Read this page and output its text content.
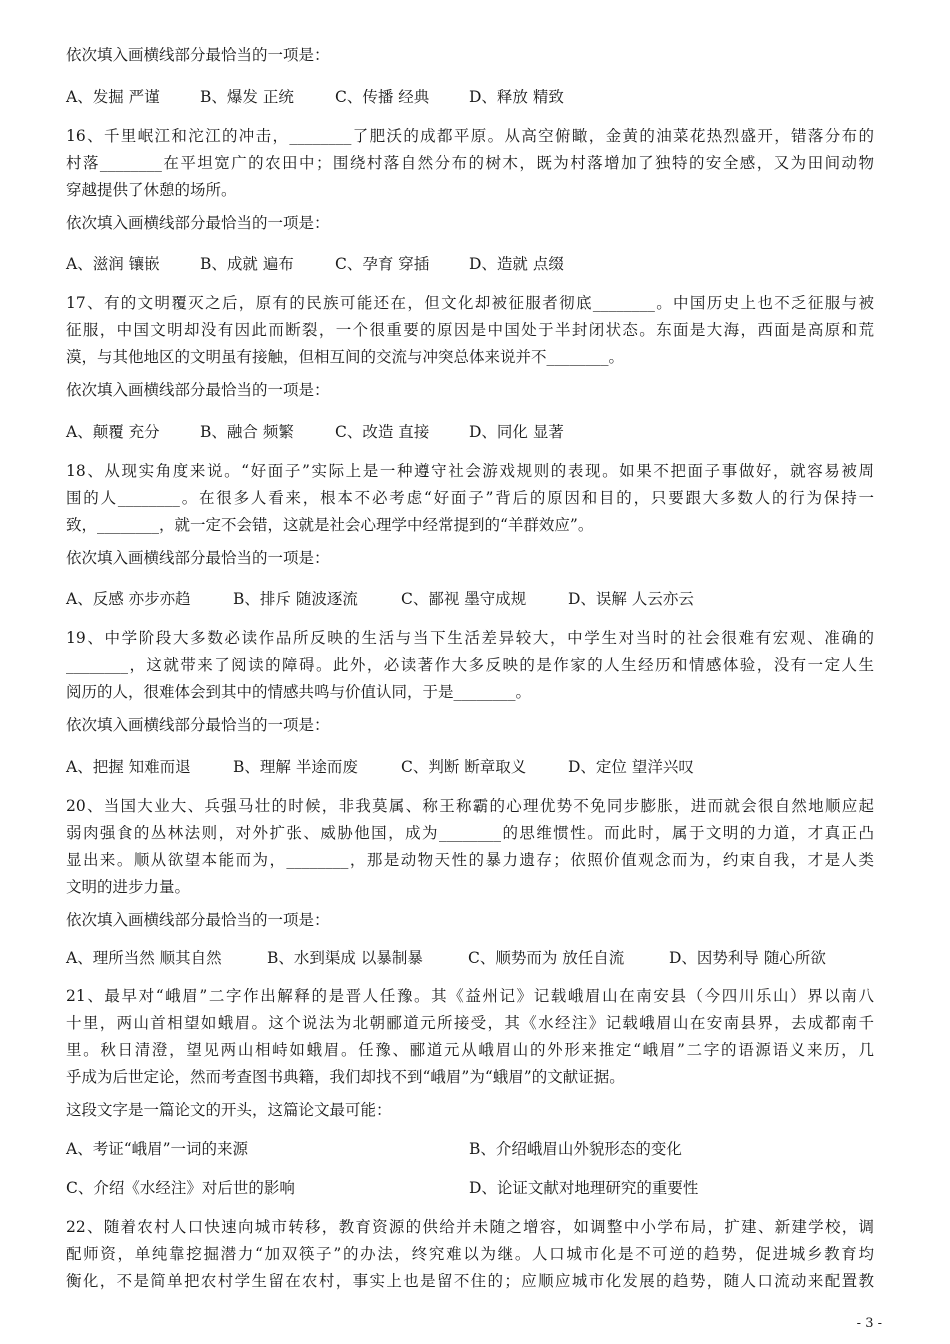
依次填入画横线部分最恰当的一项是：
A、发掘 严谨	B、爆发 正统	C、传播 经典	D、释放 精致
16、千里岷江和沱江的冲击，________了肥沃的成都平原。从高空俯瞰，金黄的油菜花热烈盛开，错落分布的
村落________在平坦宽广的农田中；围绕村落自然分布的树木，既为村落增加了独特的安全感，又为田间动物
穿越提供了休憩的场所。
依次填入画横线部分最恰当的一项是：
A、滋润 镶嵌	B、成就 遍布	C、孕育 穿插	D、造就 点缀
17、有的文明覆灭之后，原有的民族可能还在，但文化却被征服者彻底________。中国历史上也不乏征服与被
征服，中国文明却没有因此而断裂，一个很重要的原因是中国处于半封闭状态。东面是大海，西面是高原和荒
漠，与其他地区的文明虽有接触，但相互间的交流与冲突总体来说并不________。
依次填入画横线部分最恰当的一项是：
A、颠覆 充分	B、融合 频繁	C、改造 直接	D、同化 显著
18、从现实角度来说。“好面子”实际上是一种遵守社会游戏规则的表现。如果不把面子事做好，就容易被周
围的人________。在很多人看来，根本不必考虑“好面子”背后的原因和目的，只要跟大多数人的行为保持一
致，________，就一定不会错，这就是社会心理学中经常提到的“羊群效应”。
依次填入画横线部分最恰当的一项是：
A、反感 亦步亦趋	B、排斥 随波逐流	C、鄙视 墨守成规	D、误解 人云亦云
19、中学阶段大多数必读作品所反映的生活与当下生活差异较大，中学生对当时的社会很难有宏观、准确的
________，这就带来了阅读的障碍。此外，必读著作大多反映的是作家的人生经历和情感体验，没有一定人生
阅历的人，很难体会到其中的情感共鸣与价值认同，于是________。
依次填入画横线部分最恰当的一项是：
A、把握 知难而退	B、理解 半途而废	C、判断 断章取义	D、定位 望洋兴叹
20、当国大业大、兵强马壮的时候，非我莫属、称王称霸的心理优势不免同步膨胀，进而就会很自然地顺应起
弱肉强食的丛林法则，对外扩张、威胁他国，成为________的思维惯性。而此时，属于文明的力道，才真正凸
显出来。顺从欲望本能而为，________，那是动物天性的暴力遗存；依照价值观念而为，约束自我，才是人类
文明的进步力量。
依次填入画横线部分最恰当的一项是：
A、理所当然 顺其自然	B、水到渠成 以暴制暴	C、顺势而为 放任自流	D、因势利导 随心所欲
21、最早对“峨眉”二字作出解释的是晋人任豫。其《益州记》记载峨眉山在南安县（今四川乐山）界以南八
十里，两山首相望如蛾眉。这个说法为北朝郦道元所接受，其《水经注》记载峨眉山在安南县界，去成都南千
里。秋日清澄，望见两山相峙如蛾眉。任豫、郦道元从峨眉山的外形来推定“峨眉”二字的语源语义来历，几
乎成为后世定论，然而考查图书典籍，我们却找不到“峨眉”为“蛾眉”的文献证据。
这段文字是一篇论文的开头，这篇论文最可能：
A、考证“峨眉”一词的来源	B、介绍峨眉山外貌形态的变化
C、介绍《水经注》对后世的影响	D、论证文献对地理研究的重要性
22、随着农村人口快速向城市转移，教育资源的供给并未随之增容，如调整中小学布局，扩建、新建学校，调
配师资，单纯靠挖掘潜力“加双筷子”的办法，终究难以为继。人口城市化是不可逆的趋势，促进城乡教育均
衡化，不是简单把农村学生留在农村，事实上也是留不住的；应顺应城市化发展的趋势，随人口流动来配置教
- 3 -
